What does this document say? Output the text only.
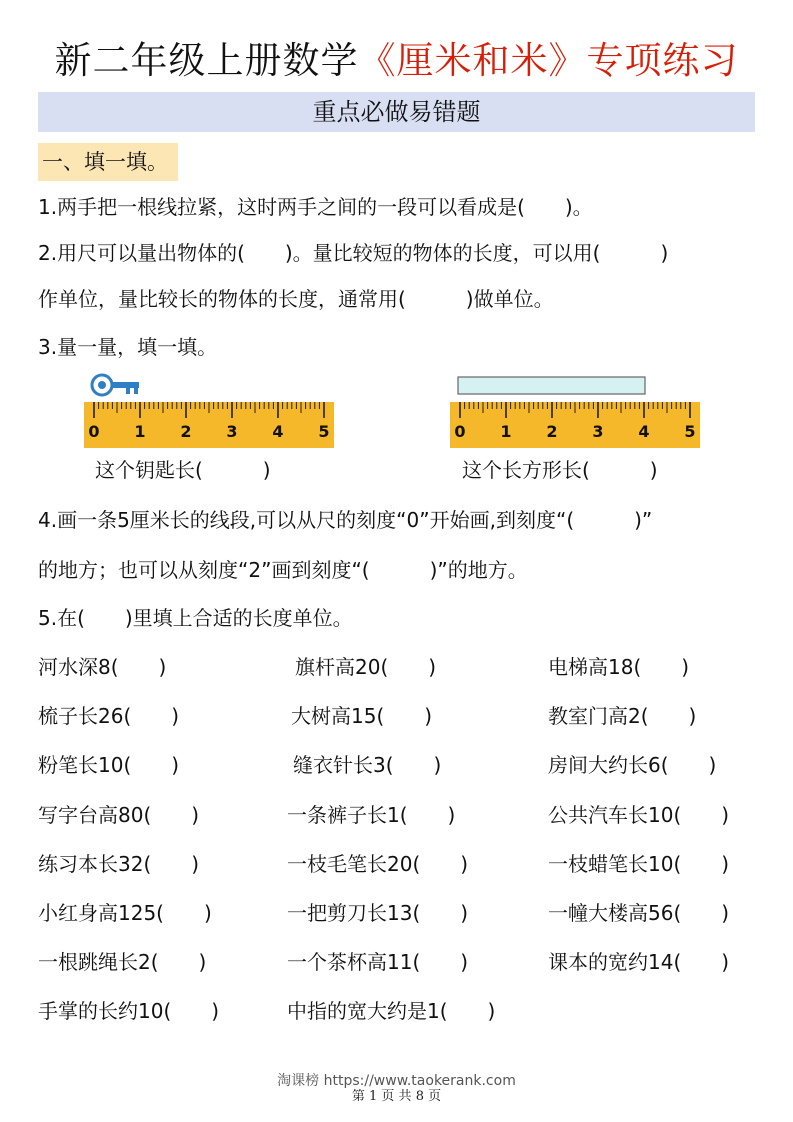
新二年级上册数学《厘米和米》专项练习
重点必做易错题
一、填一填。
1.两手把一根线拉紧，这时两手之间的一段可以看成是(　　)。
2.用尺可以量出物体的(　　)。量比较短的物体的长度，可以用(　　　)
作单位，量比较长的物体的长度，通常用(　　　)做单位。
3.量一量，填一填。
0 1 2 3 4 5	0 1 2 3 4 5
这个钥匙长(　　　)	这个长方形长(　　　)
4.画一条5厘米长的线段,可以从尺的刻度“0”开始画,到刻度“(　　　)”
的地方；也可以从刻度“2”画到刻度“(　　　)”的地方。
5.在(　　)里填上合适的长度单位。
河水深8(　　)	旗杆高20(　　)	电梯高18(　　)
梳子长26(　　)	大树高15(　　)	教室门高2(　　)
粉笔长10(　　)	缝衣针长3(　　)	房间大约长6(　　)
写字台高80(　　)	一条裤子长1(　　)	公共汽车长10(　　)
练习本长32(　　)	一枝毛笔长20(　　)	一枝蜡笔长10(　　)
小红身高125(　　)	一把剪刀长13(　　)	一幢大楼高56(　　)
一根跳绳长2(　　)	一个茶杯高11(　　)	课本的宽约14(　　)
手掌的长约10(　　)	中指的宽大约是1(　　)
淘课榜 https://www.taokerank.com
第 1 页 共 8 页
